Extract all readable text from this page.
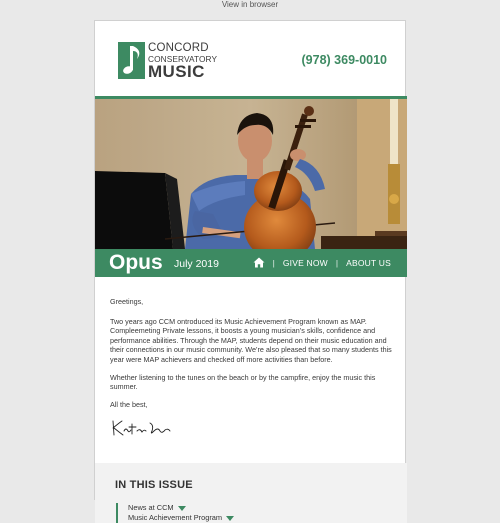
View in browser
CONCORD
CONSERVATORY
MUSIC
(978) 369-0010
Opus July 2019	| GIVE NOW | ABOUT US

Greetings,

Two years ago CCM ontroduced its Music Achievement Program known as MAP. Compleemeting Private lessons, it boosts a young musician’s skills, confidence and performance abilities. Through the MAP, students depend on their music education and their connections in our music community. We’re also pleased that so many students this year were MAP achievers and checked off more activities than before.

Whether listening to the tunes on the beach or by the campfire, enjoy the music this summer.

All the best,

IN THIS ISSUE
News at CCM
Music Achievement Program
